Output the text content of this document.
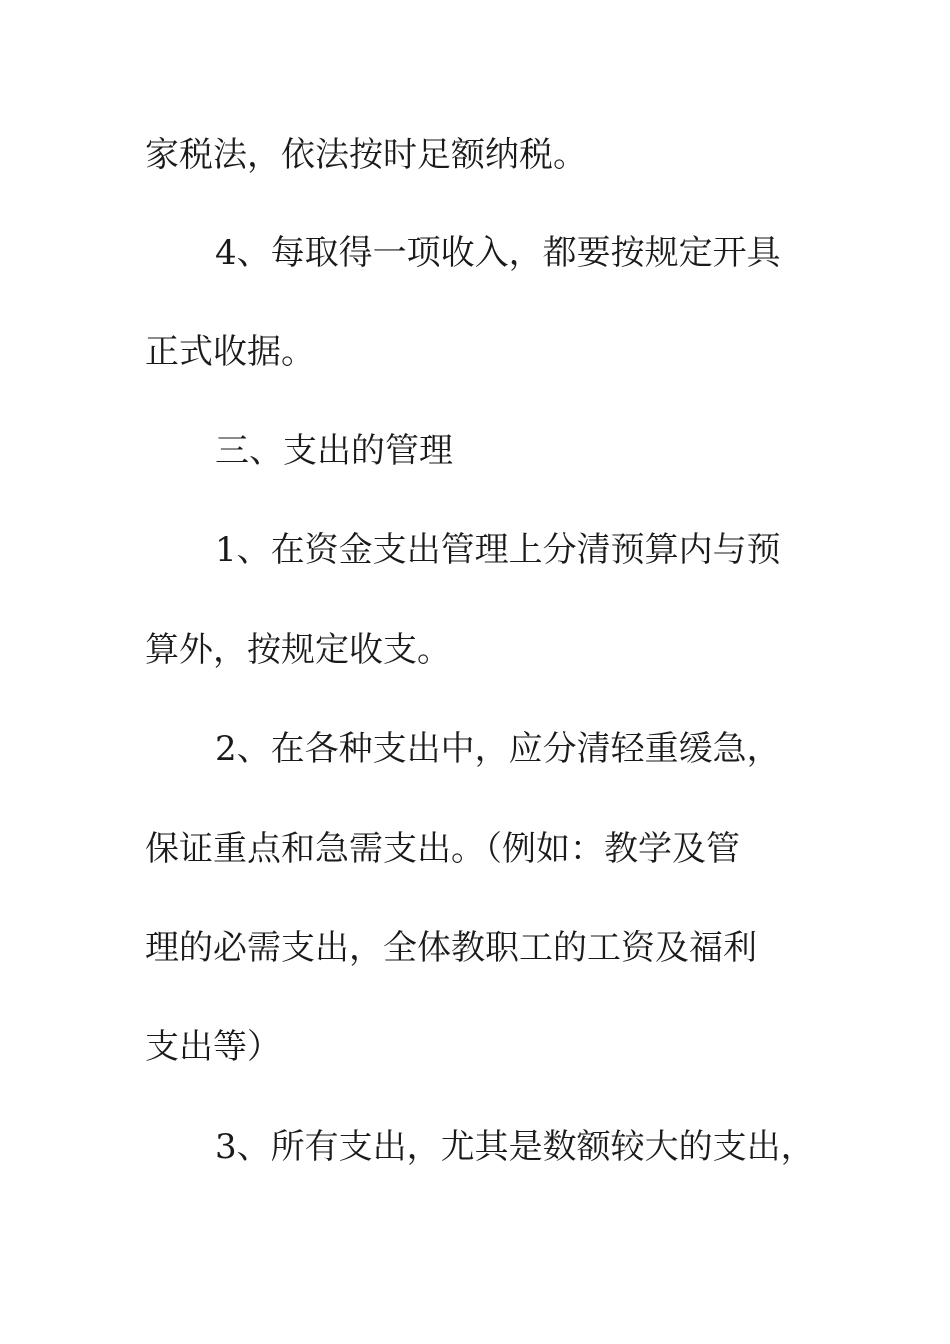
家税法，依法按时足额纳税。

4、每取得一项收入，都要按规定开具

正式收据。

三、支出的管理

1、在资金支出管理上分清预算内与预

算外，按规定收支。

2、在各种支出中，应分清轻重缓急，

保证重点和急需支出。（例如：教学及管

理的必需支出，全体教职工的工资及福利

支出等）

3、所有支出，尤其是数额较大的支出，
